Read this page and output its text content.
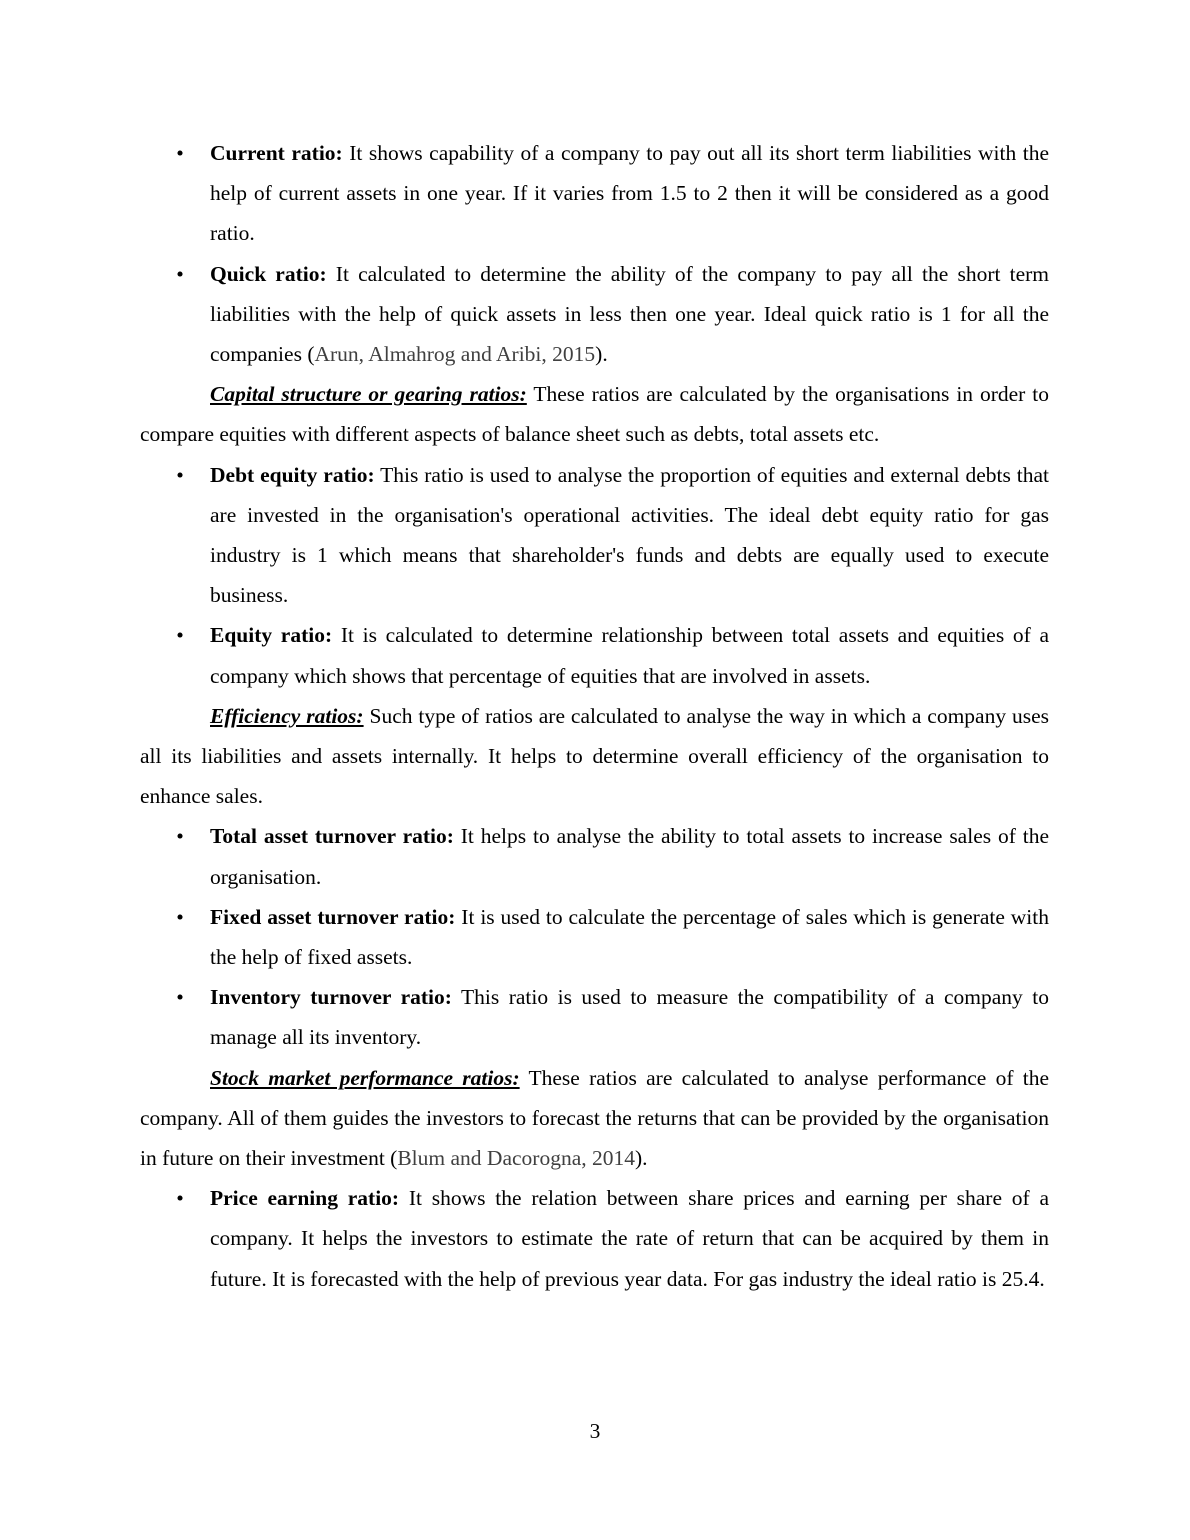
• Current ratio: It shows capability of a company to pay out all its short term liabilities with the help of current assets in one year. If it varies from 1.5 to 2 then it will be considered as a good ratio.
• Quick ratio: It calculated to determine the ability of the company to pay all the short term liabilities with the help of quick assets in less then one year. Ideal quick ratio is 1 for all the companies (Arun, Almahrog and Aribi, 2015).
Capital structure or gearing ratios: These ratios are calculated by the organisations in order to compare equities with different aspects of balance sheet such as debts, total assets etc.
• Debt equity ratio: This ratio is used to analyse the proportion of equities and external debts that are invested in the organisation's operational activities. The ideal debt equity ratio for gas industry is 1 which means that shareholder's funds and debts are equally used to execute business.
• Equity ratio: It is calculated to determine relationship between total assets and equities of a company which shows that percentage of equities that are involved in assets.
Efficiency ratios: Such type of ratios are calculated to analyse the way in which a company uses all its liabilities and assets internally. It helps to determine overall efficiency of the organisation to enhance sales.
• Total asset turnover ratio: It helps to analyse the ability to total assets to increase sales of the organisation.
• Fixed asset turnover ratio: It is used to calculate the percentage of sales which is generate with the help of fixed assets.
• Inventory turnover ratio: This ratio is used to measure the compatibility of a company to manage all its inventory.
Stock market performance ratios: These ratios are calculated to analyse performance of the company. All of them guides the investors to forecast the returns that can be provided by the organisation in future on their investment (Blum and Dacorogna, 2014).
• Price earning ratio: It shows the relation between share prices and earning per share of a company. It helps the investors to estimate the rate of return that can be acquired by them in future. It is forecasted with the help of previous year data. For gas industry the ideal ratio is 25.4.
3
